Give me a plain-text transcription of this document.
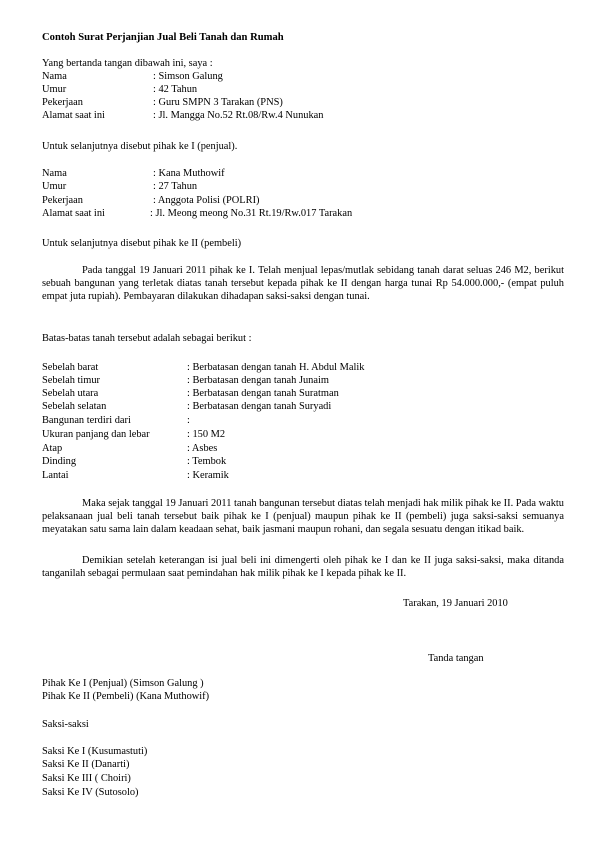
Contoh Surat Perjanjian Jual Beli Tanah dan Rumah
Yang bertanda tangan dibawah ini, saya :
Nama	: Simson Galung
Umur	: 42 Tahun
Pekerjaan	: Guru SMPN 3 Tarakan (PNS)
Alamat saat ini	: Jl. Mangga No.52 Rt.08/Rw.4 Nunukan
Untuk selanjutnya disebut pihak ke I (penjual).
Nama	: Kana Muthowif
Umur	: 27 Tahun
Pekerjaan	: Anggota Polisi (POLRI)
Alamat saat ini	: Jl. Meong meong No.31 Rt.19/Rw.017 Tarakan
Untuk selanjutnya disebut pihak ke II (pembeli)
Pada tanggal 19 Januari 2011 pihak ke I. Telah menjual lepas/mutlak sebidang tanah darat seluas 246 M2, berikut sebuah bangunan yang terletak diatas tanah tersebut kepada pihak ke II dengan harga tunai Rp 54.000.000,- (empat puluh empat juta rupiah). Pembayaran dilakukan dihadapan saksi-saksi dengan tunai.
Batas-batas tanah tersebut adalah sebagai berikut :
Sebelah barat	: Berbatasan dengan tanah H. Abdul Malik
Sebelah timur	: Berbatasan dengan tanah Junaim
Sebelah utara	: Berbatasan dengan tanah Suratman
Sebelah selatan	: Berbatasan dengan tanah Suryadi
Bangunan terdiri dari	:
Ukuran panjang dan lebar	: 150 M2
Atap	: Asbes
Dinding	: Tembok
Lantai	: Keramik
Maka sejak tanggal 19 Januari 2011 tanah bangunan tersebut diatas telah menjadi hak milik pihak ke II. Pada waktu pelaksanaan jual beli tanah tersebut baik pihak ke I (penjual) maupun pihak ke II (pembeli) juga saksi-saksi semuanya meyatakan satu sama lain dalam keadaan sehat, baik jasmani maupun rohani, dan segala sesuatu dengan itikad baik.
Demikian setelah keterangan isi jual beli ini dimengerti oleh pihak ke I dan ke II juga saksi-saksi, maka ditanda tanganilah sebagai permulaan saat pemindahan hak milik pihak ke I kepada pihak ke II.
Tarakan, 19 Januari 2010
Tanda tangan
Pihak Ke I (Penjual) (Simson Galung )
Pihak Ke II (Pembeli) (Kana Muthowif)
Saksi-saksi
Saksi Ke I (Kusumastuti)
Saksi Ke II (Danarti)
Saksi Ke III ( Choiri)
Saksi Ke IV (Sutosolo)
